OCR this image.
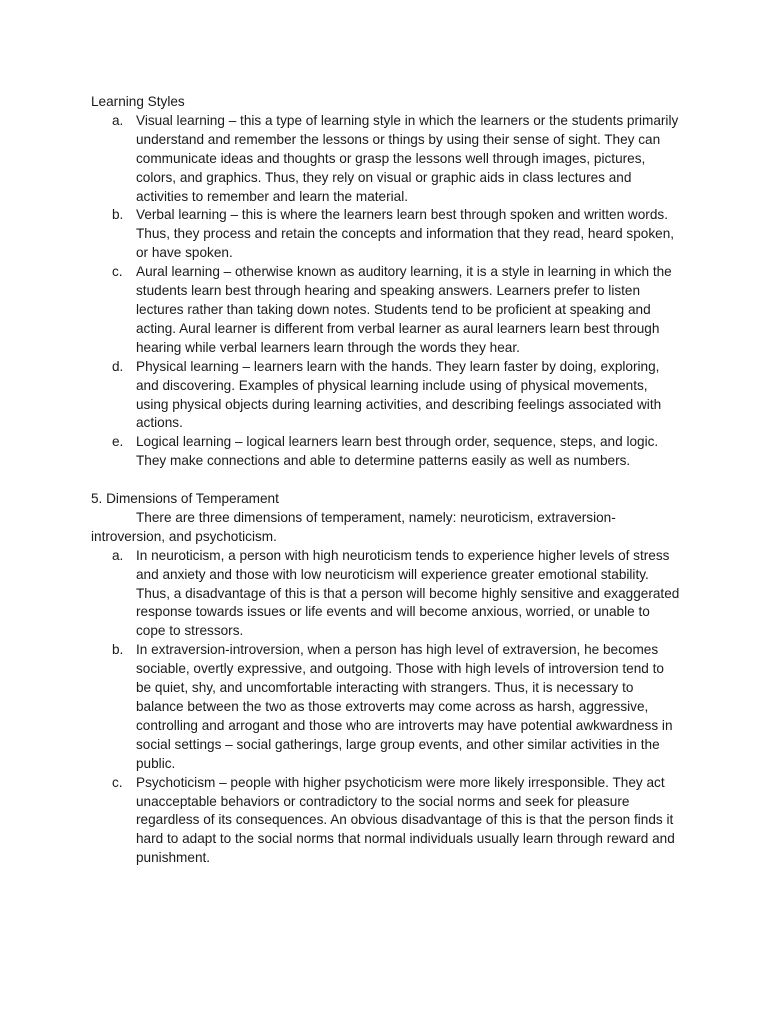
Learning Styles

a. Visual learning – this a type of learning style in which the learners or the students primarily understand and remember the lessons or things by using their sense of sight. They can communicate ideas and thoughts or grasp the lessons well through images, pictures, colors, and graphics. Thus, they rely on visual or graphic aids in class lectures and activities to remember and learn the material.
b. Verbal learning – this is where the learners learn best through spoken and written words. Thus, they process and retain the concepts and information that they read, heard spoken, or have spoken.
c. Aural learning – otherwise known as auditory learning, it is a style in learning in which the students learn best through hearing and speaking answers. Learners prefer to listen lectures rather than taking down notes. Students tend to be proficient at speaking and acting. Aural learner is different from verbal learner as aural learners learn best through hearing while verbal learners learn through the words they hear.
d. Physical learning – learners learn with the hands. They learn faster by doing, exploring, and discovering. Examples of physical learning include using of physical movements, using physical objects during learning activities, and describing feelings associated with actions.
e. Logical learning – logical learners learn best through order, sequence, steps, and logic. They make connections and able to determine patterns easily as well as numbers.

5. Dimensions of Temperament

There are three dimensions of temperament, namely: neuroticism, extraversion-introversion, and psychoticism.

a. In neuroticism, a person with high neuroticism tends to experience higher levels of stress and anxiety and those with low neuroticism will experience greater emotional stability. Thus, a disadvantage of this is that a person will become highly sensitive and exaggerated response towards issues or life events and will become anxious, worried, or unable to cope to stressors.
b. In extraversion-introversion, when a person has high level of extraversion, he becomes sociable, overtly expressive, and outgoing. Those with high levels of introversion tend to be quiet, shy, and uncomfortable interacting with strangers. Thus, it is necessary to balance between the two as those extroverts may come across as harsh, aggressive, controlling and arrogant and those who are introverts may have potential awkwardness in social settings – social gatherings, large group events, and other similar activities in the public.
c. Psychoticism – people with higher psychoticism were more likely irresponsible. They act unacceptable behaviors or contradictory to the social norms and seek for pleasure regardless of its consequences. An obvious disadvantage of this is that the person finds it hard to adapt to the social norms that normal individuals usually learn through reward and punishment.
